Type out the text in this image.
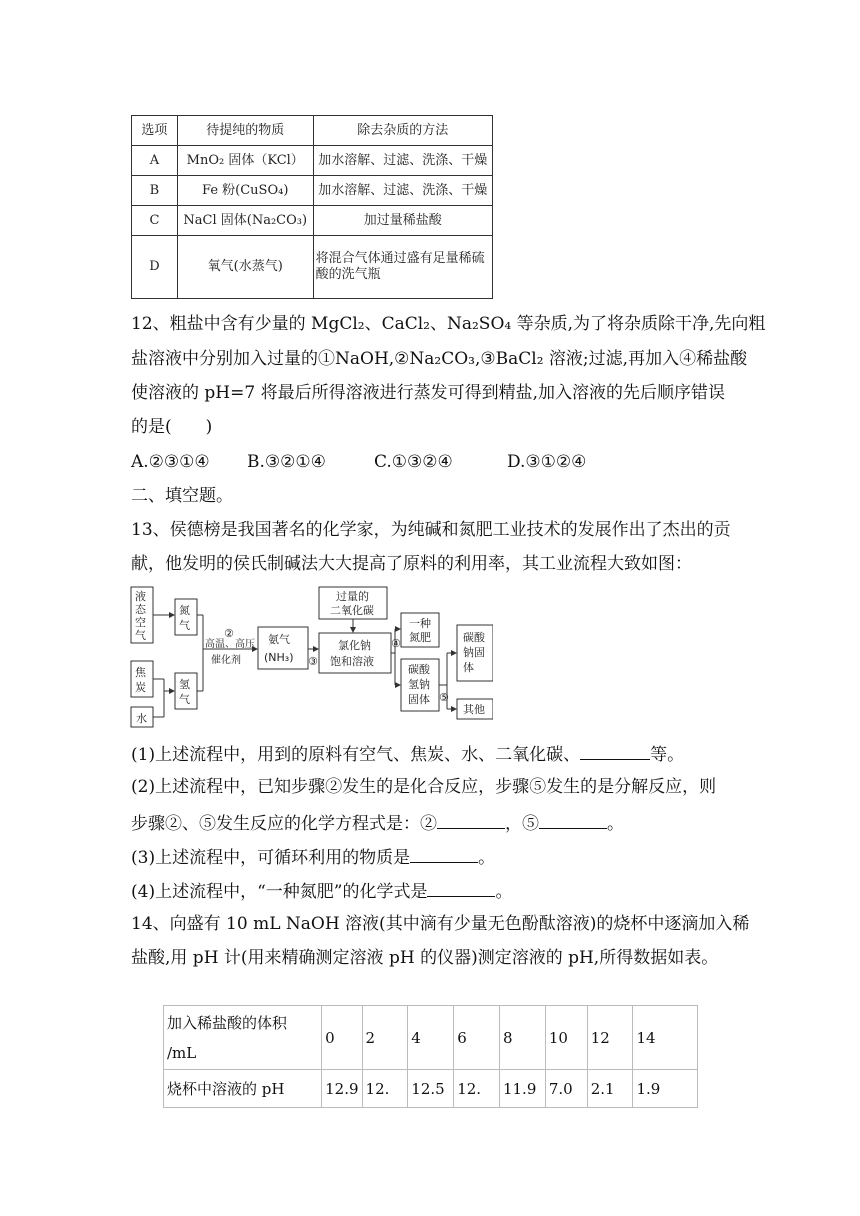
选项	待提纯的物质	除去杂质的方法
A	MnO₂ 固体（KCl）	加水溶解、过滤、洗涤、干燥
B	Fe 粉(CuSO₄)	加水溶解、过滤、洗涤、干燥
C	NaCl 固体(Na₂CO₃)	加过量稀盐酸
D	氧气(水蒸气)	将混合气体通过盛有足量稀硫酸的洗气瓶
12、粗盐中含有少量的 MgCl₂、CaCl₂、Na₂SO₄ 等杂质,为了将杂质除干净,先向粗
盐溶液中分别加入过量的①NaOH,②Na₂CO₃,③BaCl₂ 溶液;过滤,再加入④稀盐酸
使溶液的 pH=7 将最后所得溶液进行蒸发可得到精盐,加入溶液的先后顺序错误
的是(　　)
A.②③①④ B.③②①④	C.①③②④	D.③①②④
二、填空题。
13、侯德榜是我国著名的化学家，为纯碱和氮肥工业技术的发展作出了杰出的贡
献，他发明的侯氏制碱法大大提高了原料的利用率，其工业流程大致如图：
液
态
空
气
氮
气
焦
炭
水
氢
气
②
高温、高压
催化剂
氨气
(NH₃) ③
过量的
二氧化碳
氯化钠
饱和溶液
④
一种
氮肥
碳酸
氢钠
固体 ⑤
碳酸
钠固
体
其他
(1)上述流程中，用到的原料有空气、焦炭、水、二氧化碳、	等。
(2)上述流程中，已知步骤②发生的是化合反应，步骤⑤发生的是分解反应，则
步骤②、⑤发生反应的化学方程式是：②	，⑤	。
(3)上述流程中，可循环利用的物质是	。
(4)上述流程中，“一种氮肥”的化学式是	。
14、向盛有 10 mL NaOH 溶液(其中滴有少量无色酚酞溶液)的烧杯中逐滴加入稀
盐酸,用 pH 计(用来精确测定溶液 pH 的仪器)测定溶液的 pH,所得数据如表。
加入稀盐酸的体积
/mL	0	2	4	6	8	10	12	14
烧杯中溶液的 pH	12.9	12.	12.5	12.	11.9	7.0	2.1	1.9
